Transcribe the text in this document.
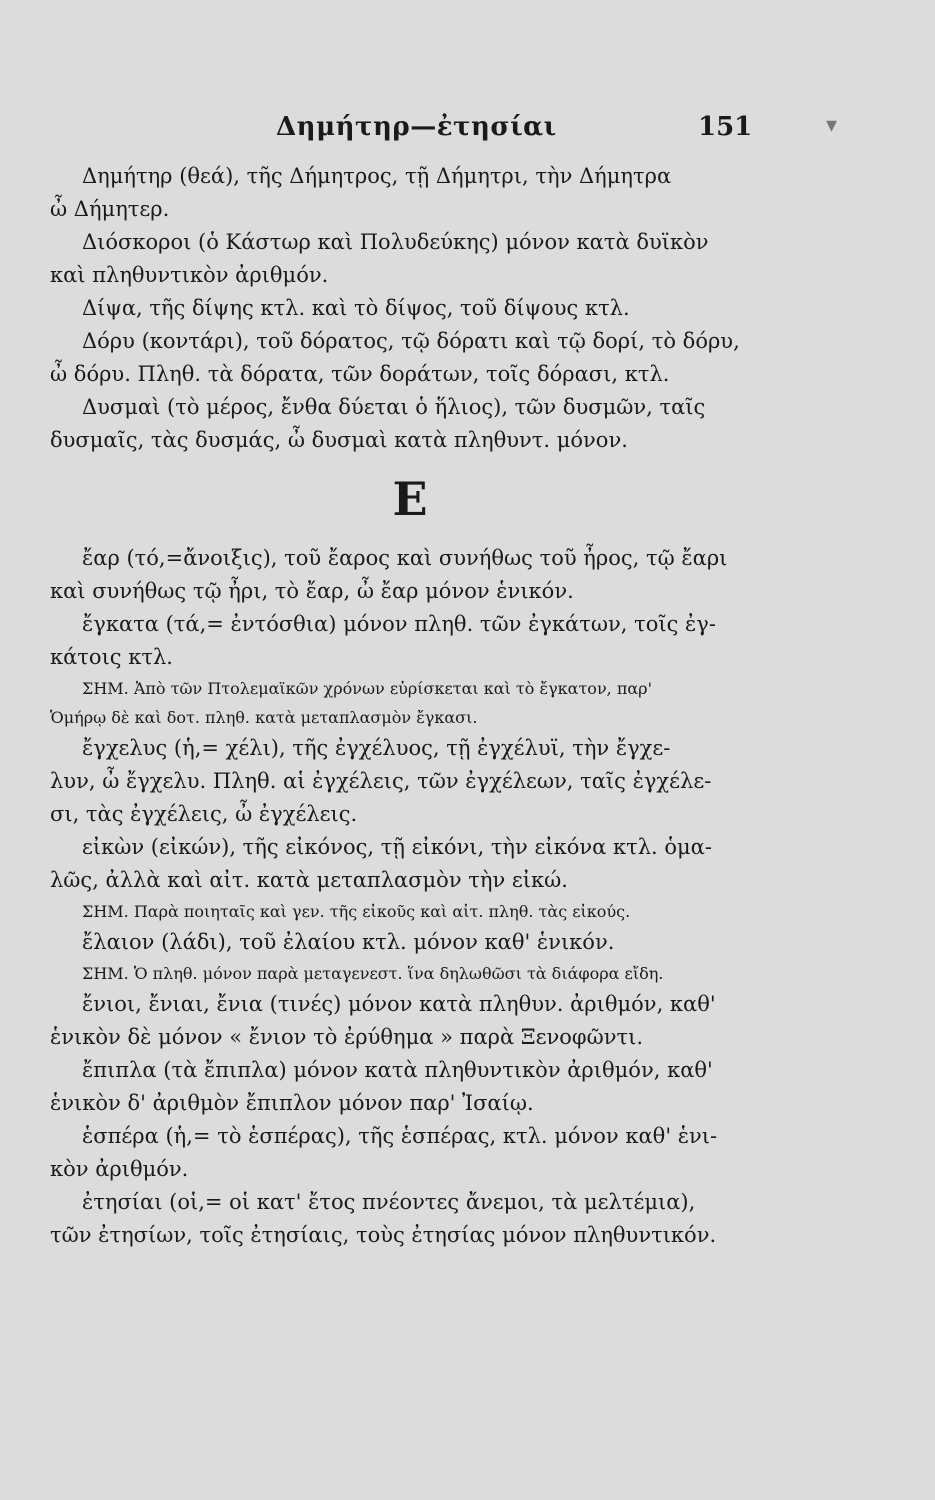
Δημήτηρ—ἐτησίαι	151	▾
Δημήτηρ (θεά), τῆς Δήμητρος, τῇ Δήμητρι, τὴν Δήμητρα
ὦ Δήμητερ.
Διόσκοροι (ὁ Κάστωρ καὶ Πολυδεύκης) μόνον κατὰ δυϊκὸν
καὶ πληθυντικὸν ἀριθμόν.
Δίψα, τῆς δίψης κτλ. καὶ τὸ δίψος, τοῦ δίψους κτλ.
Δόρυ (κοντάρι), τοῦ δόρατος, τῷ δόρατι καὶ τῷ δορί, τὸ δόρυ,
ὦ δόρυ. Πληθ. τὰ δόρατα, τῶν δοράτων, τοῖς δόρασι, κτλ.
Δυσμαὶ (τὸ μέρος, ἔνθα δύεται ὁ ἥλιος), τῶν δυσμῶν, ταῖς
δυσμαῖς, τὰς δυσμάς, ὦ δυσμαὶ κατὰ πληθυντ. μόνον.
Ε
ἔαρ (τό,=ἄνοιξις), τοῦ ἔαρος καὶ συνήθως τοῦ ἦρος, τῷ ἔαρι
καὶ συνήθως τῷ ἦρι, τὸ ἔαρ, ὦ ἔαρ μόνον ἑνικόν.
ἔγκατα (τά,= ἐντόσθια) μόνον πληθ. τῶν ἐγκάτων, τοῖς ἐγ-
κάτοις κτλ.
ΣΗΜ. Ἀπὸ τῶν Πτολεμαϊκῶν χρόνων εὑρίσκεται καὶ τὸ ἔγκατον, παρ'
Ὁμήρῳ δὲ καὶ δοτ. πληθ. κατὰ μεταπλασμὸν ἔγκασι.
ἔγχελυς (ἡ,= χέλι), τῆς ἐγχέλυος, τῇ ἐγχέλυϊ, τὴν ἔγχε-
λυν, ὦ ἔγχελυ. Πληθ. αἱ ἐγχέλεις, τῶν ἐγχέλεων, ταῖς ἐγχέλε-
σι, τὰς ἐγχέλεις, ὦ ἐγχέλεις.
εἰκὼν (εἰκών), τῆς εἰκόνος, τῇ εἰκόνι, τὴν εἰκόνα κτλ. ὁμα-
λῶς, ἀλλὰ καὶ αἰτ. κατὰ μεταπλασμὸν τὴν εἰκώ.
ΣΗΜ. Παρὰ ποιηταῖς καὶ γεν. τῆς εἰκοῦς καὶ αἰτ. πληθ. τὰς εἰκούς.
ἔλαιον (λάδι), τοῦ ἐλαίου κτλ. μόνον καθ' ἑνικόν.
ΣΗΜ. Ὁ πληθ. μόνον παρὰ μεταγενεστ. ἵνα δηλωθῶσι τὰ διάφορα εἴδη.
ἔνιοι, ἔνιαι, ἔνια (τινές) μόνον κατὰ πληθυν. ἀριθμόν, καθ'
ἑνικὸν δὲ μόνον « ἔνιον τὸ ἐρύθημα » παρὰ Ξενοφῶντι.
ἔπιπλα (τὰ ἔπιπλα) μόνον κατὰ πληθυντικὸν ἀριθμόν, καθ'
ἑνικὸν δ' ἀριθμὸν ἔπιπλον μόνον παρ' Ἰσαίῳ.
ἑσπέρα (ἡ,= τὸ ἑσπέρας), τῆς ἑσπέρας, κτλ. μόνον καθ' ἑνι-
κὸν ἀριθμόν.
ἐτησίαι (οἱ,= οἱ κατ' ἔτος πνέοντες ἄνεμοι, τὰ μελτέμια),
τῶν ἐτησίων, τοῖς ἐτησίαις, τοὺς ἐτησίας μόνον πληθυντικόν.
